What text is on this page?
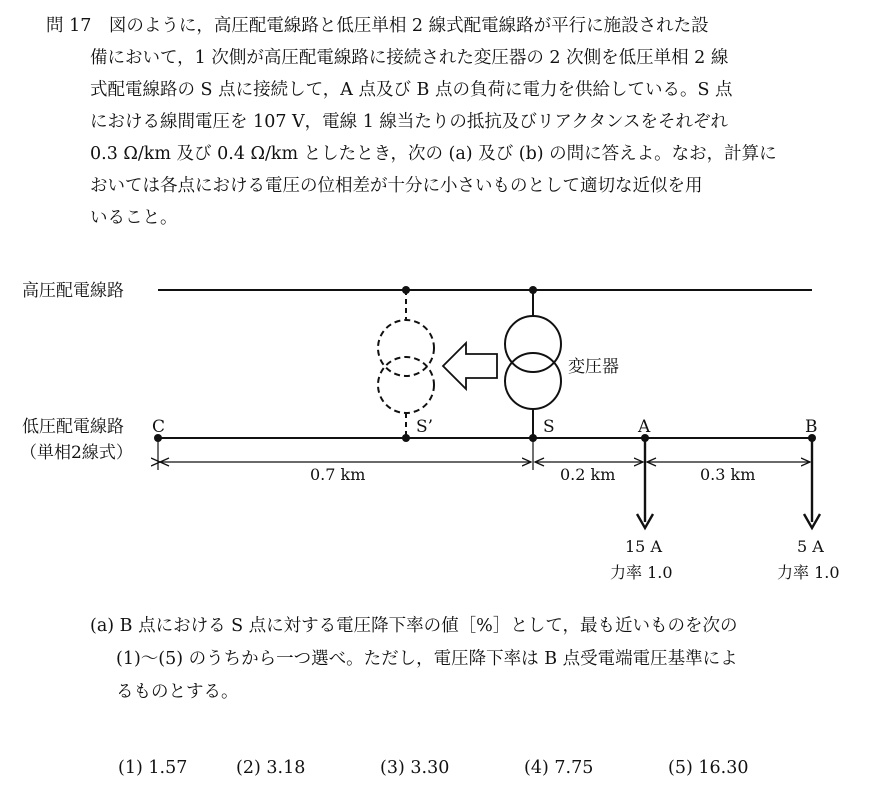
問 17　図のように，高圧配電線路と低圧単相 2 線式配電線路が平行に施設された設
備において，1 次側が高圧配電線路に接続された変圧器の 2 次側を低圧単相 2 線
式配電線路の S 点に接続して，A 点及び B 点の負荷に電力を供給している。S 点
における線間電圧を 107 V，電線 1 線当たりの抵抗及びリアクタンスをそれぞれ
0.3 Ω/km 及び 0.4 Ω/km としたとき，次の (a) 及び (b) の問に答えよ。なお，計算に
おいては各点における電圧の位相差が十分に小さいものとして適切な近似を用
いること。
高圧配電線路
変圧器
低圧配電線路
（単相2線式）
C	S’	S	A	B
0.7 km	0.2 km	0.3 km
15 A
力率 1.0
5 A
力率 1.0
(a) B 点における S 点に対する電圧降下率の値［%］として，最も近いものを次の
(1)～(5) のうちから一つ選べ。ただし，電圧降下率は B 点受電端電圧基準によ
るものとする。
(1) 1.57	(2) 3.18	(3) 3.30	(4) 7.75	(5) 16.30
